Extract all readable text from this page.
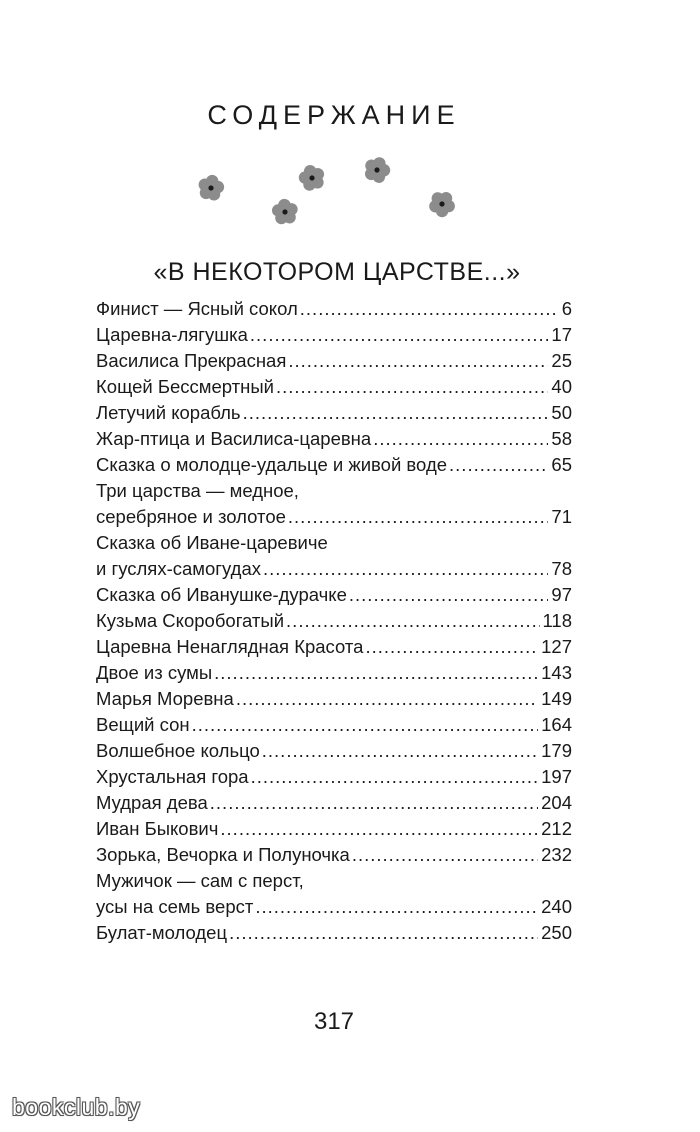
СОДЕРЖАНИЕ
«В НЕКОТОРОМ ЦАРСТВЕ...»
Финист — Ясный сокол .....	6
Царевна-лягушка .....	17
Василиса Прекрасная .....	25
Кощей Бессмертный .....	40
Летучий корабль .....	50
Жар-птица и Василиса-царевна .....	58
Сказка о молодце-удальце и живой воде .....	65
Три царства — медное,
серебряное и золотое .....	71
Сказка об Иване-царевиче
и гуслях-самогудах .....	78
Сказка об Иванушке-дурачке .....	97
Кузьма Скоробогатый .....	118
Царевна Ненаглядная Красота .....	127
Двое из сумы .....	143
Марья Моревна .....	149
Вещий сон .....	164
Волшебное кольцо .....	179
Хрустальная гора .....	197
Мудрая дева .....	204
Иван Быкович .....	212
Зорька, Вечорка и Полуночка .....	232
Мужичок — сам с перст,
усы на семь верст .....	240
Булат-молодец .....	250
317
bookclub.by
